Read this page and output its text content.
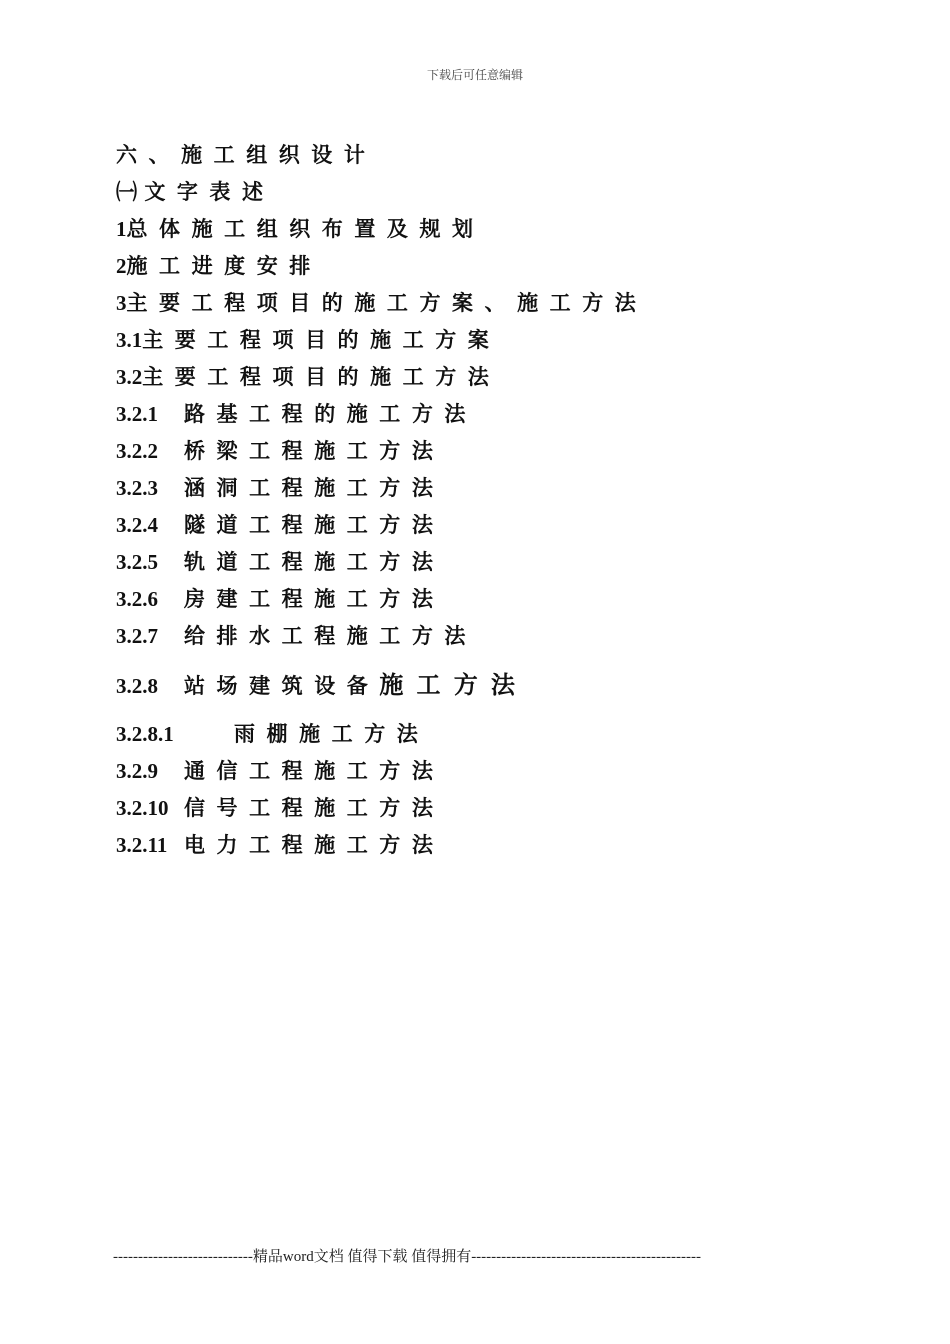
下载后可任意编辑
六、施工组织设计
㈠ 文字表述
1总体施工组织布置及规划
2施工进度安排
3主要工程项目的施工方案、施工方法
3.1主要工程项目的施工方案
3.2主要工程项目的施工方法
3.2.1 路基工程的施工方法
3.2.2 桥梁工程施工方法
3.2.3 涵洞工程施工方法
3.2.4 隧道工程施工方法
3.2.5 轨道工程施工方法
3.2.6 房建工程施工方法
3.2.7 给排水工程施工方法
3.2.8 站场建筑设备施工方法
3.2.8.1	雨棚施工方法
3.2.9 通信工程施工方法
3.2.10 信号工程施工方法
3.2.11 电力工程施工方法
----------------------------精品word文档 值得下载 值得拥有----------------------------------------------
